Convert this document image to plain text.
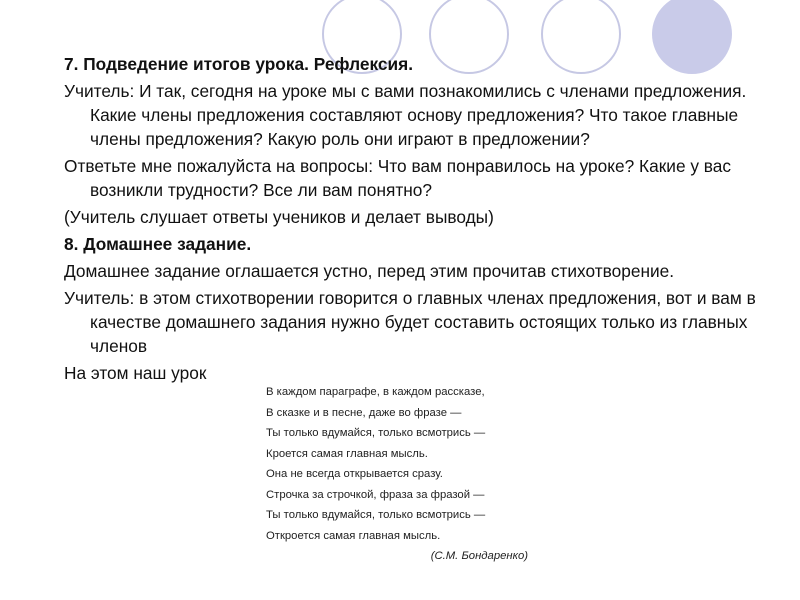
7. Подведение итогов урока. Рефлексия.

Учитель: И так, сегодня на уроке мы с вами познакомились с членами предложения. Какие члены предложения составляют основу предложения? Что такое главные члены предложения? Какую роль они играют в предложении?

Ответьте мне пожалуйста на вопросы: Что вам понравилось на уроке? Какие у вас возникли трудности? Все ли вам понятно?

(Учитель слушает ответы учеников и делает выводы)

8. Домашнее задание.

Домашнее задание оглашается устно, перед этим прочитав стихотворение.

Учитель: в этом стихотворении говорится о главных членах предложения, вот и вам в качестве домашнего задания нужно будет составить остоящих только из главных членов

На этом наш урок

В каждом параграфе, в каждом рассказе,
В сказке и в песне, даже во фразе —
Ты только вдумайся, только всмотрись —
Кроется самая главная мысль.
Она не всегда открывается сразу.
Строчка за строчкой, фраза за фразой —
Ты только вдумайся, только всмотрись —
Откроется самая главная мысль.
(С.М. Бондаренко)
